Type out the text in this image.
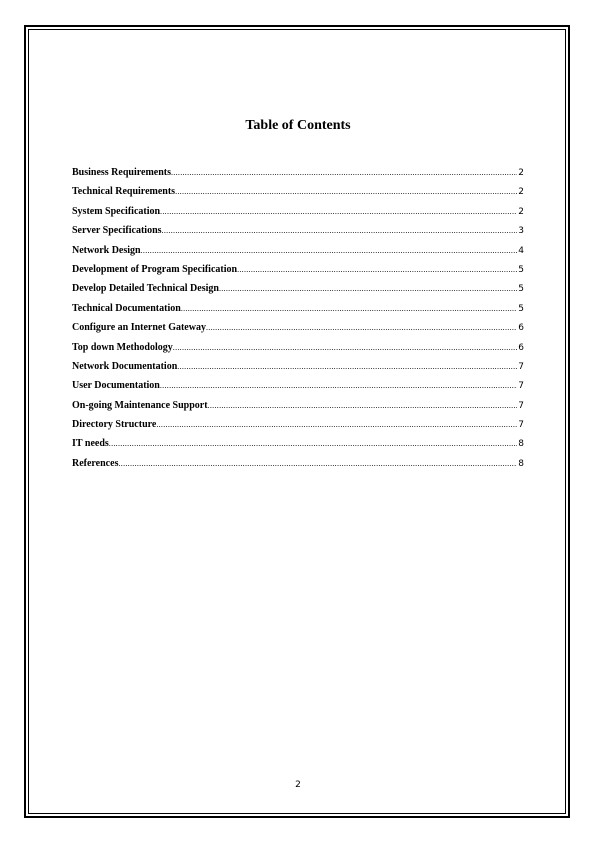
Table of Contents
Business Requirements .....	2
Technical Requirements .....	2
System Specification .....	2
Server Specifications .....	3
Network Design .....	4
Development of Program Specification .....	5
Develop Detailed Technical Design .....	5
Technical Documentation .....	5
Configure an Internet Gateway .....	6
Top down Methodology .....	6
Network Documentation .....	7
User Documentation .....	7
On-going Maintenance Support .....	7
Directory Structure .....	7
IT needs .....	8
References .....	8
2
